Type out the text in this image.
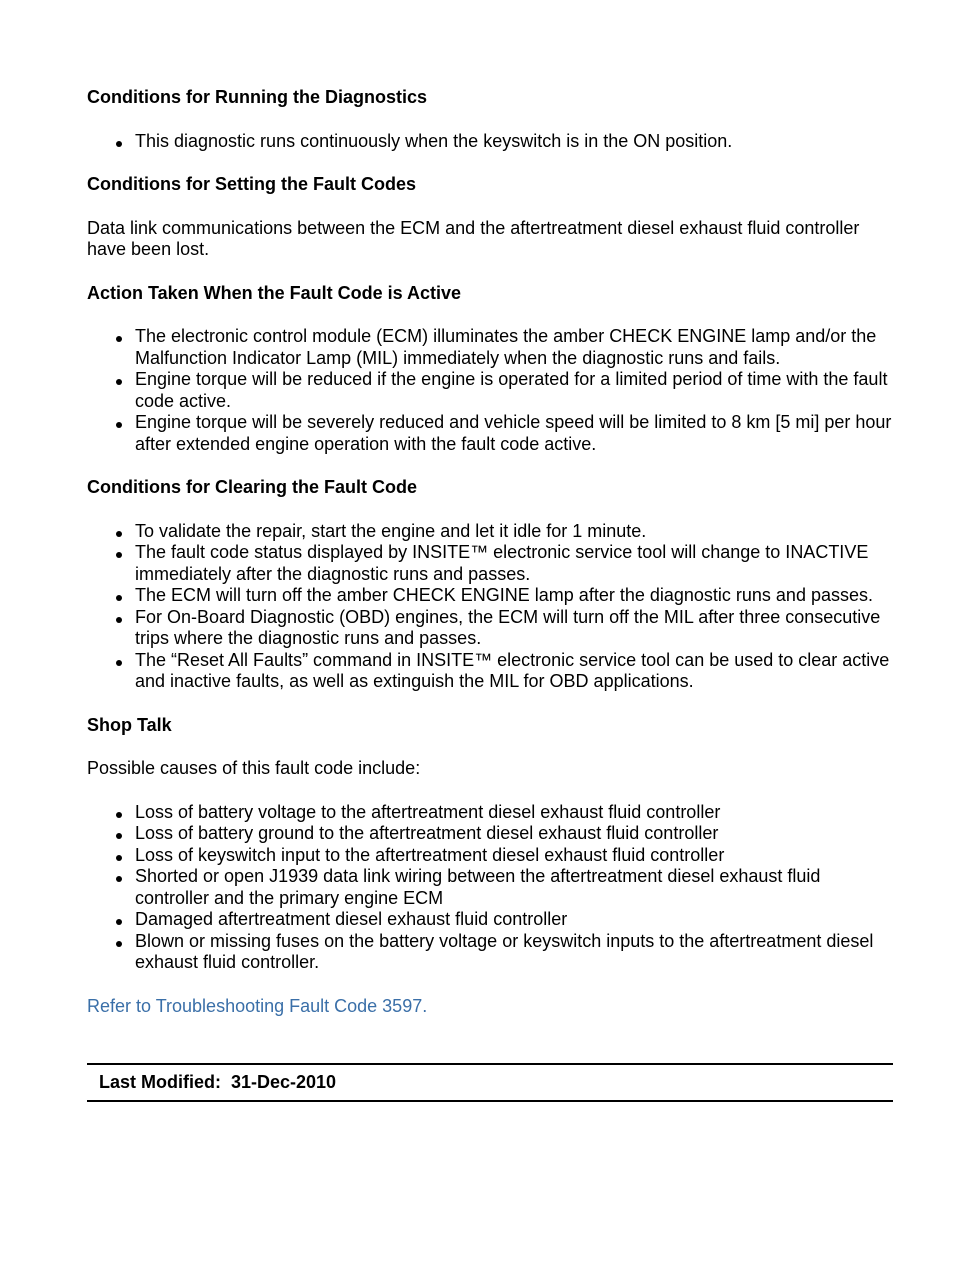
Conditions for Running the Diagnostics

This diagnostic runs continuously when the keyswitch is in the ON position.

Conditions for Setting the Fault Codes

Data link communications between the ECM and the aftertreatment diesel exhaust fluid controller have been lost.

Action Taken When the Fault Code is Active

The electronic control module (ECM) illuminates the amber CHECK ENGINE lamp and/or the Malfunction Indicator Lamp (MIL) immediately when the diagnostic runs and fails.
Engine torque will be reduced if the engine is operated for a limited period of time with the fault code active.
Engine torque will be severely reduced and vehicle speed will be limited to 8 km [5 mi] per hour after extended engine operation with the fault code active.

Conditions for Clearing the Fault Code

To validate the repair, start the engine and let it idle for 1 minute.
The fault code status displayed by INSITE™ electronic service tool will change to INACTIVE immediately after the diagnostic runs and passes.
The ECM will turn off the amber CHECK ENGINE lamp after the diagnostic runs and passes.
For On-Board Diagnostic (OBD) engines, the ECM will turn off the MIL after three consecutive trips where the diagnostic runs and passes.
The “Reset All Faults” command in INSITE™ electronic service tool can be used to clear active and inactive faults, as well as extinguish the MIL for OBD applications.

Shop Talk

Possible causes of this fault code include:

Loss of battery voltage to the aftertreatment diesel exhaust fluid controller
Loss of battery ground to the aftertreatment diesel exhaust fluid controller
Loss of keyswitch input to the aftertreatment diesel exhaust fluid controller
Shorted or open J1939 data link wiring between the aftertreatment diesel exhaust fluid controller and the primary engine ECM
Damaged aftertreatment diesel exhaust fluid controller
Blown or missing fuses on the battery voltage or keyswitch inputs to the aftertreatment diesel exhaust fluid controller.

Refer to Troubleshooting Fault Code 3597.

Last Modified:  31-Dec-2010
